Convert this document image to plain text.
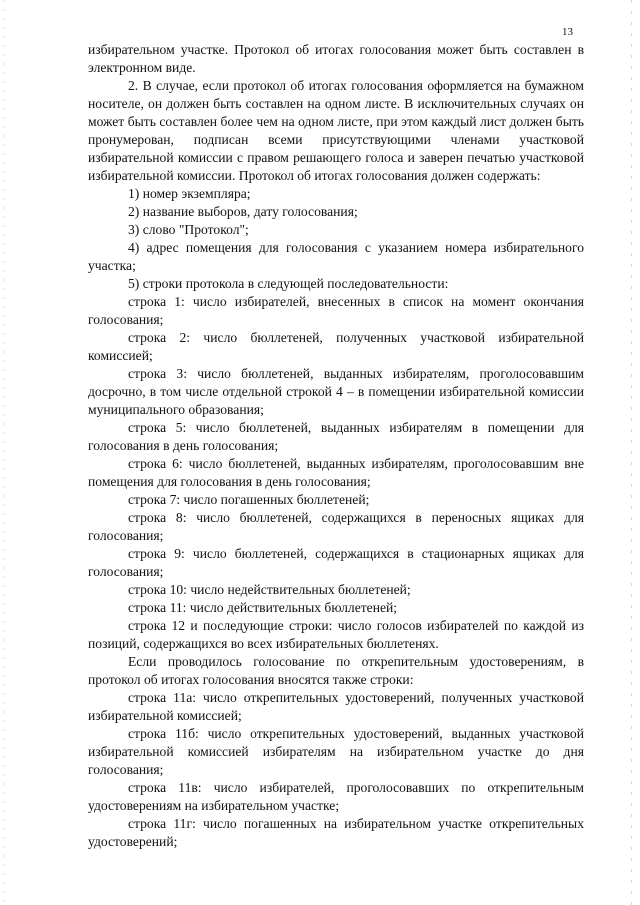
13

избирательном участке. Протокол об итогах голосования может быть составлен в электронном виде.

2. В случае, если протокол об итогах голосования оформляется на бумажном носителе, он должен быть составлен на одном листе. В исключительных случаях он может быть составлен более чем на одном листе, при этом каждый лист должен быть пронумерован, подписан всеми присутствующими членами участковой избирательной комиссии с правом решающего голоса и заверен печатью участковой избирательной комиссии. Протокол об итогах голосования должен содержать:

1) номер экземпляра;

2) название выборов, дату голосования;

3) слово "Протокол";

4) адрес помещения для голосования с указанием номера избирательного участка;

5) строки протокола в следующей последовательности:

строка 1: число избирателей, внесенных в список на момент окончания голосования;

строка 2: число бюллетеней, полученных участковой избирательной комиссией;

строка 3: число бюллетеней, выданных избирателям, проголосовавшим досрочно, в том числе отдельной строкой 4 – в помещении избирательной комиссии муниципального образования;

строка 5: число бюллетеней, выданных избирателям в помещении для голосования в день голосования;

строка 6: число бюллетеней, выданных избирателям, проголосовавшим вне помещения для голосования в день голосования;

строка 7: число погашенных бюллетеней;

строка 8: число бюллетеней, содержащихся в переносных ящиках для голосования;

строка 9: число бюллетеней, содержащихся в стационарных ящиках для голосования;

строка 10: число недействительных бюллетеней;

строка 11: число действительных бюллетеней;

строка 12 и последующие строки: число голосов избирателей по каждой из позиций, содержащихся во всех избирательных бюллетенях.

Если проводилось голосование по открепительным удостоверениям, в протокол об итогах голосования вносятся также строки:

строка 11а: число открепительных удостоверений, полученных участковой избирательной комиссией;

строка 11б: число открепительных удостоверений, выданных участковой избирательной комиссией избирателям на избирательном участке до дня голосования;

строка 11в: число избирателей, проголосовавших по открепительным удостоверениям на избирательном участке;

строка 11г: число погашенных на избирательном участке открепительных удостоверений;
